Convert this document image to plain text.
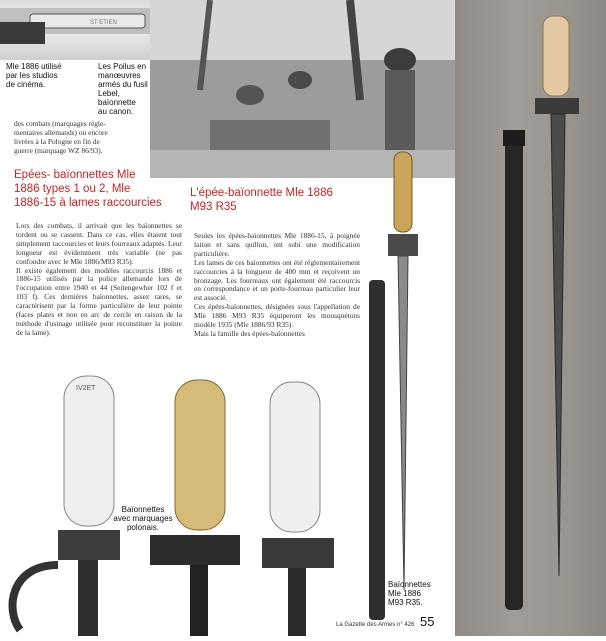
ST ETIEN
Mle 1886 utilisé
par les studios
de cinéma.
Les Poilus en
manœuvres
armés du fusil
Lebel, baïonnette
au canon.
des combats (marquages régle-
mentaires allemands) ou encore
livrées à la Pologne en fin de
guerre (marquage WZ 86/93).
Epées- baïonnettes Mle
1886 types 1 ou 2, Mle
1886-15 à lames raccourcies
L'épée-baïonnette Mle 1886
M93 R35
Lors des combats, il arrivait que les baïonnettes se tordent ou se cassent. Dans ce cas, elles étaient tout simplement raccourcies et leurs fourreaux adaptés. Leur longueur est évidemment très variable (ne pas confondre avec le Mle 1886/M93 R35).
Il existe également des modèles raccourcis 1886 et 1886-15 utilisés par la police allemande lors de l'occupation entre 1940 et 44 (Seitengewher 102 f et 103 f). Ces dernières baïonnettes, assez rares, se caractérisent par la forme particulière de leur pointe (faces plates et non en arc de cercle en raison de la méthode d'usinage utilisée pour reconstituer la pointe de la lame).
Seules les épées-baïonnettes Mle 1886-15, à poignée laiton et sans quillon, ont subi une modification particulière.
Les lames de ces baïonnettes ont été réglementairement raccourcies à la longueur de 400 mm et reçoivent un bronzage. Les fourreaux ont également été raccourcis en correspondance et un porte-fourreau particulier leur est associé.
Ces épées-baïonnettes, désignées sous l'appellation de Mle 1886 M93 R35 équiperont les mousquetons modèle 1935 (Mle 1886/93 R35).
Mais la famille des épées-baïonnettes
Baïonnettes
Mle 1886
M93 R35.
IV2ET
Baïonnettes
avec marquages
polonais.
La Gazette des Armes n° 426 55
